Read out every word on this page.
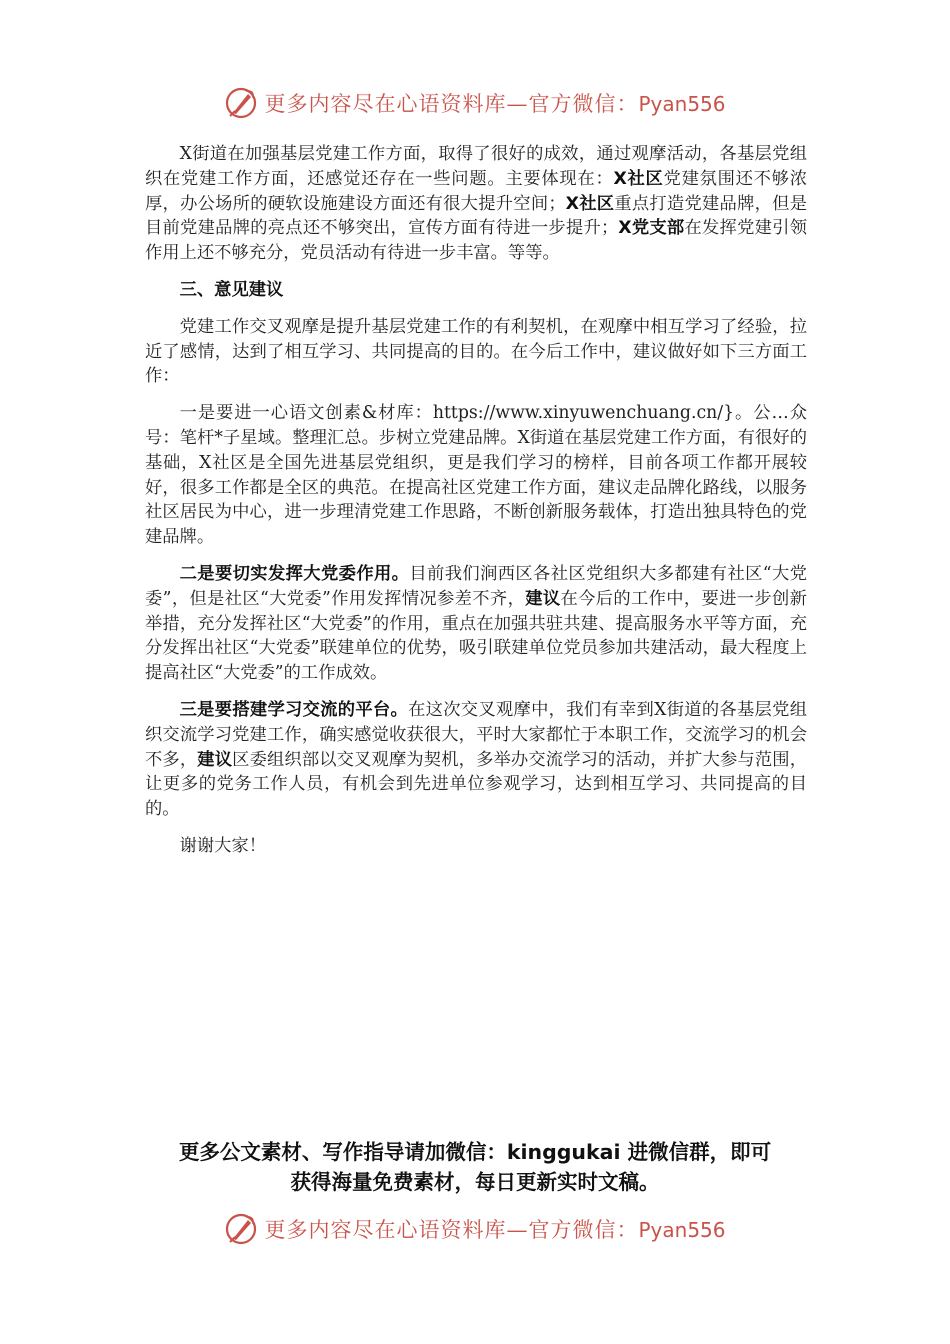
更多内容尽在心语资料库—官方微信：Pyan556

X街道在加强基层党建工作方面，取得了很好的成效，通过观摩活动，各基层党组织在党建工作方面，还感觉还存在一些问题。主要体现在：X社区党建氛围还不够浓厚，办公场所的硬软设施建设方面还有很大提升空间；X社区重点打造党建品牌，但是目前党建品牌的亮点还不够突出，宣传方面有待进一步提升；X党支部在发挥党建引领作用上还不够充分，党员活动有待进一步丰富。等等。

三、意见建议

党建工作交叉观摩是提升基层党建工作的有利契机，在观摩中相互学习了经验，拉近了感情，达到了相互学习、共同提高的目的。在今后工作中，建议做好如下三方面工作：

一是要进一心语文创素&材库：https://www.xinyuwenchuang.cn/}。公…众号：笔杆*子星域。整理汇总。步树立党建品牌。X街道在基层党建工作方面，有很好的基础，X社区是全国先进基层党组织，更是我们学习的榜样，目前各项工作都开展较好，很多工作都是全区的典范。在提高社区党建工作方面，建议走品牌化路线，以服务社区居民为中心，进一步理清党建工作思路，不断创新服务载体，打造出独具特色的党建品牌。

二是要切实发挥大党委作用。目前我们涧西区各社区党组织大多都建有社区“大党委”，但是社区“大党委”作用发挥情况参差不齐，建议在今后的工作中，要进一步创新举措，充分发挥社区“大党委”的作用，重点在加强共驻共建、提高服务水平等方面，充分发挥出社区“大党委”联建单位的优势，吸引联建单位党员参加共建活动，最大程度上提高社区“大党委”的工作成效。

三是要搭建学习交流的平台。在这次交叉观摩中，我们有幸到X街道的各基层党组织交流学习党建工作，确实感觉收获很大，平时大家都忙于本职工作，交流学习的机会不多，建议区委组织部以交叉观摩为契机，多举办交流学习的活动，并扩大参与范围，让更多的党务工作人员，有机会到先进单位参观学习，达到相互学习、共同提高的目的。

谢谢大家！

更多公文素材、写作指导请加微信：kinggukai 进微信群，即可
获得海量免费素材，每日更新实时文稿。
更多内容尽在心语资料库—官方微信：Pyan556
